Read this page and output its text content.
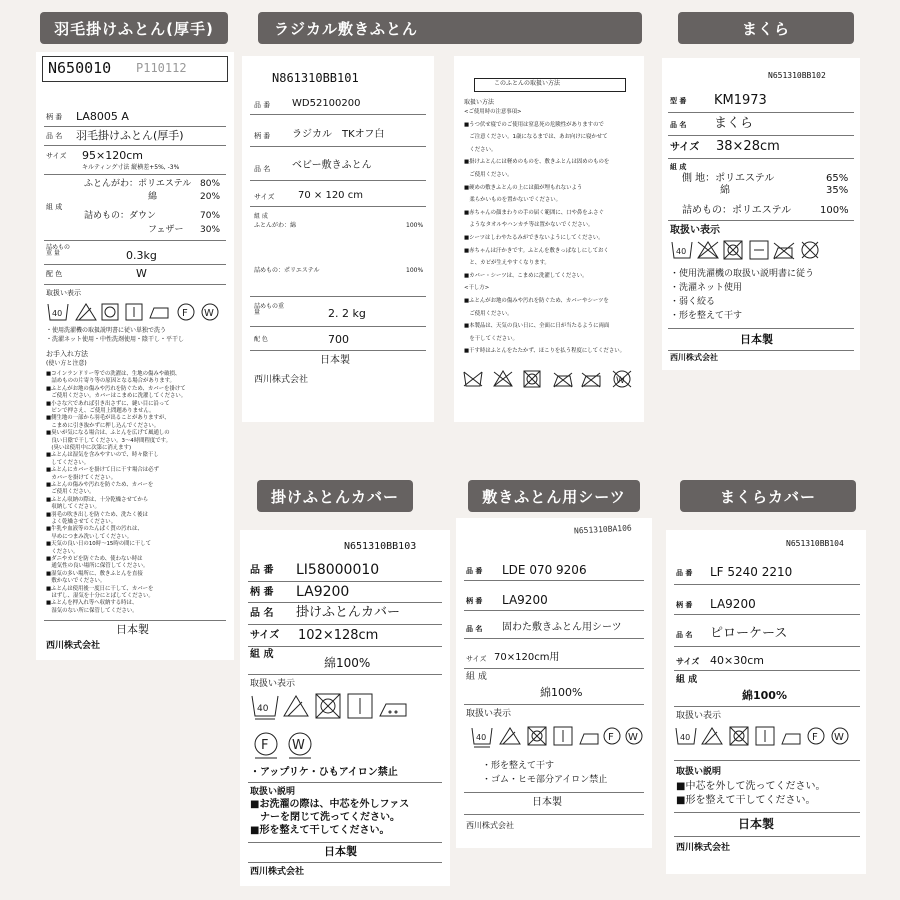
羽毛掛けふとん(厚手)	ラジカル敷きふとん	まくら
掛けふとんカバー	敷きふとん用シーツ	まくらカバー
N650010 P110112
柄 番 LA8005 A
品 名 羽毛掛けふとん(厚手)
サイズ 95×120cm
キルティング寸法 縦横差+5%, -3%
組 成
ふとんがわ：ポリエステル 80%
綿	20%
詰めもの：ダウン	70%
フェザー 30%
詰めもの重 量	0.3kg
配 色	W
取扱い表示
40	F W
・使用洗濯機の取扱説明書に従い単独で洗う
・洗濯ネット使用・中性洗剤使用・陰干し・平干し
お手入れ方法
(使い方と注意)
■コインランドリー等での洗濯は、生地の傷みや破損、
　詰めものの片寄り等の原因となる場合があります。
■ふとんがお地の傷みや汚れを防ぐため、カバーを掛けて
　ご使用ください。カバーはこまめに洗濯してください。
■小さな穴であれば引き出さずに、縫い目に沿って
　ピンで押さえ、ご使用上問題ありません。
■側生地の一部から羽毛が出ることがありますが、
　こまめに引き抜かずに押し込んでください。
■臭いが気になる場合は、ふとんを広げて風通しの
　良い日陰で干してください。3～4時間程度です。
　(臭いは使用中に次第に消えます)
■ふとんは湿気を含みやすいので、時々陰干し
　してください。
■ふとんにカバーを掛けて日に干す場合は必ず
　カバーを掛けてください。
■ふとんの傷みや汚れを防ぐため、カバーを
　ご使用ください。
■ふとん収納の際は、十分乾燥させてから
　収納してください。
■羽毛の吹き出しを防ぐため、洗たく後は
　よく乾燥させてください。
■牛乳や血液等のたんぱく質の汚れは、
　早めにつまみ洗いしてください。
■天気の良い日の10時～15時の間に干して
　ください。
■ダニやカビを防ぐため、使わない時は
　通気性の良い場所に保管してください。
■湿気の多い場所に、敷きふとんを直接
　敷かないでください。
■ふとんは使用後一度日に干して、カバーを
　はずし、湿気を十分にとばしてください。
■ふとんを押入れ等へ収納する時は、
　湿気のない所に保管してください。
日本製
西川株式会社
N861310BB101
品 番 WD52100200
柄 番 ラジカル　TKオフ白
品 名 ベビー敷きふとん
サイズ 70 × 120 cm
組 成
ふとんがわ：綿	100%
詰めもの：ポリエステル	100%
詰めもの重 量	2. 2 kg
配 色	700
日本製
西川株式会社
このふとんの取扱い方法
取扱い方法
<ご使用時の注意事項>
■うつ伏せ寝でのご使用は窒息死の危険性がありますので
　ご注意ください。1歳になるまでは、あお向けに寝かせて
　ください。
■掛けふとんには軽めのものを、敷きふとんは固めのものを
　ご使用ください。
■硬めの敷きふとんの上には顔が埋もれないよう
　柔らかいものを置かないでください。
■赤ちゃんの顔まわりの手の届く範囲に、口や鼻をふさぐ
　ようなタオルやハンカチ等は置かないでください。
■シーツはしわやたるみができないようにしてください。
■赤ちゃんは汗かきです。ふとんを敷きっぱなしにしておく
　と、カビが生えやすくなります。
■カバー・シーツは、こまめに洗濯してください。
<干し方>
■ふとんがお地の傷みや汚れを防ぐため、カバーやシーツを
　ご使用ください。
■本製品は、天気の良い日に、全面に日が当たるように両面
　を干してください。
■干す時はふとんをたたかず、ほこりを払う程度にしてください。
W
N651310BB102
型 番 KM1973
品 名 まくら
サイズ 38×28cm
組 成
側 地：ポリエステル	65%
綿	35%
詰めもの：ポリエステル	100%
取扱い表示
40
・使用洗濯機の取扱い説明書に従う
・洗濯ネット使用
・弱く絞る
・形を整えて干す
日本製
西川株式会社
N651310BB103
品 番 LI58000010
柄 番 LA9200
品 名 掛けふとんカバー
サイズ 102×128cm
組 成
綿100%
取扱い表示
40
F W
・アップリケ・ひもアイロン禁止
取扱い説明
■お洗濯の際は、中芯を外しファス
　ナーを閉じて洗ってください。
■形を整えて干してください。
日本製
西川株式会社
N651310BA106
品 番 LDE 070 9206
柄 番 LA9200
品 名 固わた敷きふとん用シーツ
サイズ 70×120cm用
組 成
綿100%
取扱い表示
40	F W
・形を整えて干す
・ゴム・ヒモ部分アイロン禁止
日本製
西川株式会社
N651310BB104
品 番 LF 5240 2210
柄 番 LA9200
品 名 ピローケース
サイズ 40×30cm
組 成
綿100%
取扱い表示
40	F W
取扱い説明
■中芯を外して洗ってください。
■形を整えて干してください。
日本製
西川株式会社
